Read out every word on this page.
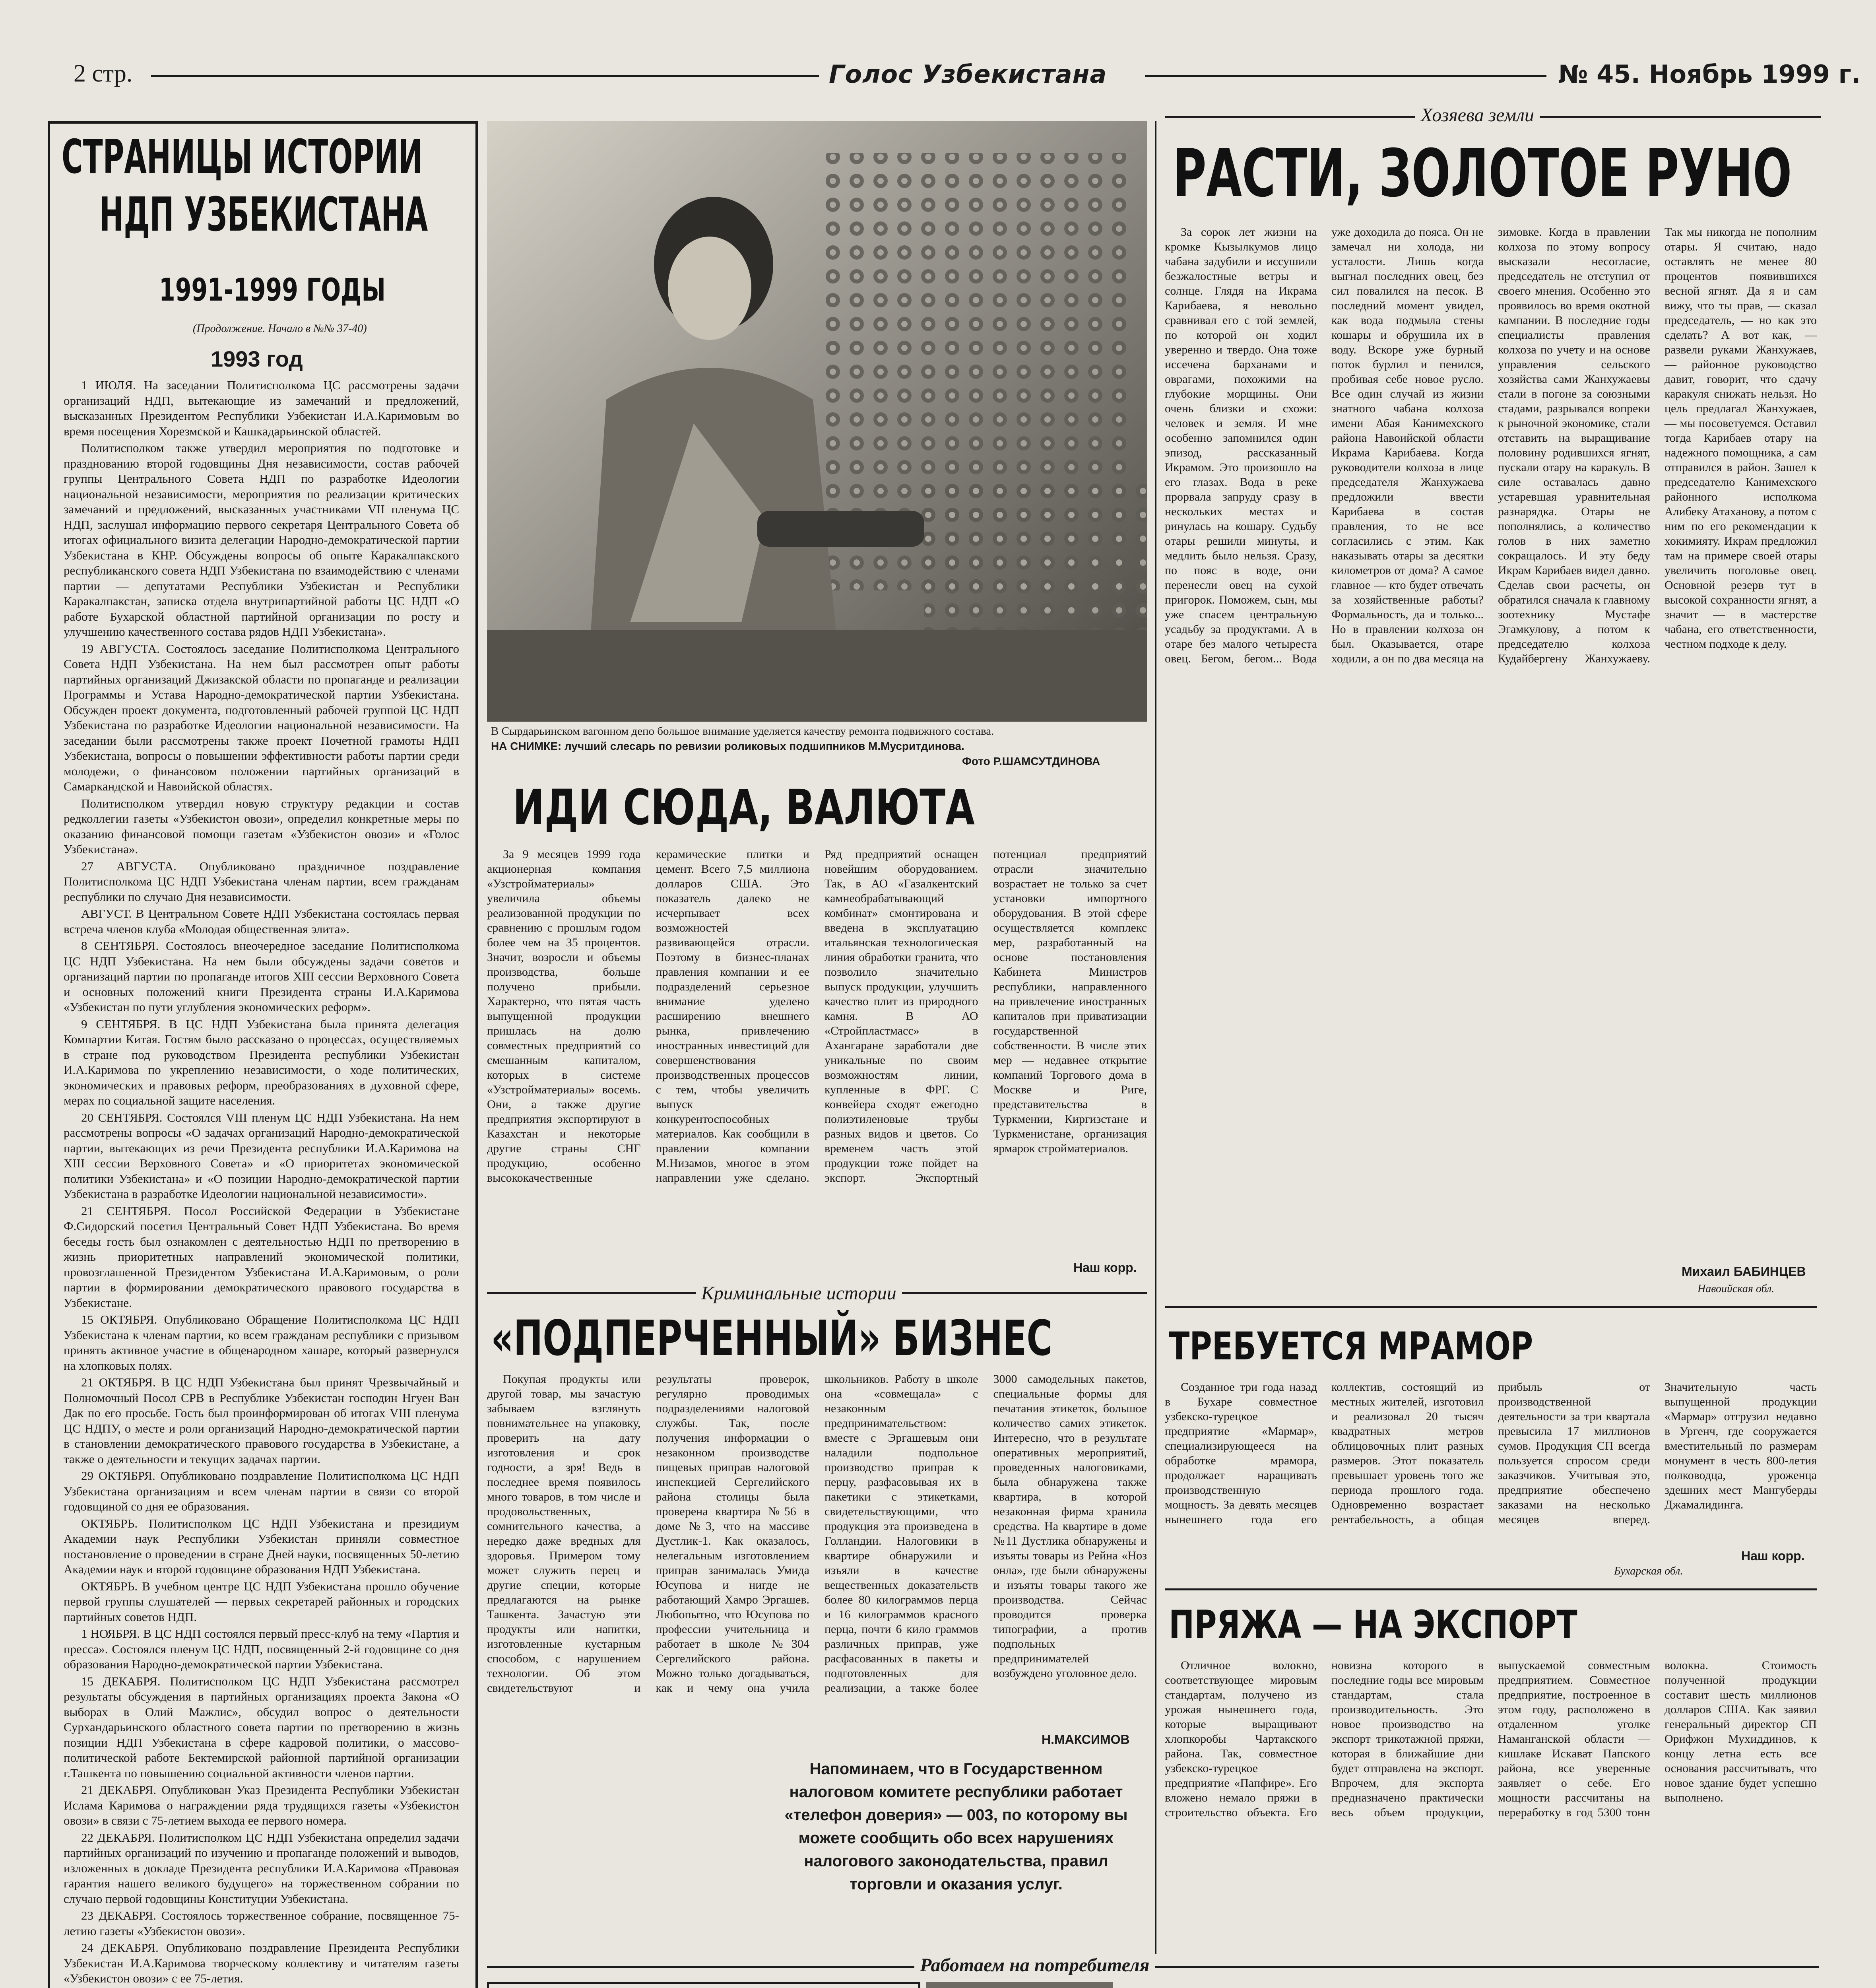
2 стр.	Голос Узбекистана	№ 45. Ноябрь 1999 г.
СТРАНИЦЫ ИСТОРИИ
НДП УЗБЕКИСТАНА
1991-1999 ГОДЫ
(Продолжение. Начало в №№ 37-40)
1993 год

1 ИЮЛЯ. На заседании Политисполкома ЦС рассмотрены задачи организаций НДП, вытекающие из замечаний и предложений, высказанных Президентом Республики Узбекистан И.А.Каримовым во время посещения Хорезмской и Кашкадарьинской областей.

Политисполком также утвердил мероприятия по подготовке и празднованию второй годовщины Дня независимости, состав рабочей группы Центрального Совета НДП по разработке Идеологии национальной независимости, мероприятия по реализации критических замечаний и предложений, высказанных участниками VII пленума ЦС НДП, заслушал информацию первого секретаря Центрального Совета об итогах официального визита делегации Народно-демократической партии Узбекистана в КНР. Обсуждены вопросы об опыте Каракалпакского республиканского совета НДП Узбекистана по взаимодействию с членами партии — депутатами Республики Узбекистан и Республики Каракалпакстан, записка отдела внутрипартийной работы ЦС НДП «О работе Бухарской областной партийной организации по росту и улучшению качественного состава рядов НДП Узбекистана».

19 АВГУСТА. Состоялось заседание Политисполкома Центрального Совета НДП Узбекистана. На нем был рассмотрен опыт работы партийных организаций Джизакской области по пропаганде и реализации Программы и Устава Народно-демократической партии Узбекистана. Обсужден проект документа, подготовленный рабочей группой ЦС НДП Узбекистана по разработке Идеологии национальной независимости. На заседании были рассмотрены также проект Почетной грамоты НДП Узбекистана, вопросы о повышении эффективности работы партии среди молодежи, о финансовом положении партийных организаций в Самаркандской и Навоийской областях.

Политисполком утвердил новую структуру редакции и состав редколлегии газеты «Узбекистон овози», определил конкретные меры по оказанию финансовой помощи газетам «Узбекистон овози» и «Голос Узбекистана».

27 АВГУСТА. Опубликовано праздничное поздравление Политисполкома ЦС НДП Узбекистана членам партии, всем гражданам республики по случаю Дня независимости.

АВГУСТ. В Центральном Совете НДП Узбекистана состоялась первая встреча членов клуба «Молодая общественная элита».

8 СЕНТЯБРЯ. Состоялось внеочередное заседание Политисполкома ЦС НДП Узбекистана. На нем были обсуждены задачи советов и организаций партии по пропаганде итогов XIII сессии Верховного Совета и основных положений книги Президента страны И.А.Каримова «Узбекистан по пути углубления экономических реформ».

9 СЕНТЯБРЯ. В ЦС НДП Узбекистана была принята делегация Компартии Китая. Гостям было рассказано о процессах, осуществляемых в стране под руководством Президента республики Узбекистан И.А.Каримова по укреплению независимости, о ходе политических, экономических и правовых реформ, преобразованиях в духовной сфере, мерах по социальной защите населения.

20 СЕНТЯБРЯ. Состоялся VIII пленум ЦС НДП Узбекистана. На нем рассмотрены вопросы «О задачах организаций Народно-демократической партии, вытекающих из речи Президента республики И.А.Каримова на XIII сессии Верховного Совета» и «О приоритетах экономической политики Узбекистана» и «О позиции Народно-демократической партии Узбекистана в разработке Идеологии национальной независимости».

21 СЕНТЯБРЯ. Посол Российской Федерации в Узбекистане Ф.Сидорский посетил Центральный Совет НДП Узбекистана. Во время беседы гость был ознакомлен с деятельностью НДП по претворению в жизнь приоритетных направлений экономической политики, провозглашенной Президентом Узбекистана И.А.Каримовым, о роли партии в формировании демократического правового государства в Узбекистане.

15 ОКТЯБРЯ. Опубликовано Обращение Политисполкома ЦС НДП Узбекистана к членам партии, ко всем гражданам республики с призывом принять активное участие в общенародном хашаре, который развернулся на хлопковых полях.

21 ОКТЯБРЯ. В ЦС НДП Узбекистана был принят Чрезвычайный и Полномочный Посол СРВ в Республике Узбекистан господин Нгуен Ван Дак по его просьбе. Гость был проинформирован об итогах VIII пленума ЦС НДПУ, о месте и роли организаций Народно-демократической партии в становлении демократического правового государства в Узбекистане, а также о деятельности и текущих задачах партии.

29 ОКТЯБРЯ. Опубликовано поздравление Политисполкома ЦС НДП Узбекистана организациям и всем членам партии в связи со второй годовщиной со дня ее образования.

ОКТЯБРЬ. Политисполком ЦС НДП Узбекистана и президиум Академии наук Республики Узбекистан приняли совместное постановление о проведении в стране Дней науки, посвященных 50-летию Академии наук и второй годовщине образования НДП Узбекистана.

ОКТЯБРЬ. В учебном центре ЦС НДП Узбекистана прошло обучение первой группы слушателей — первых секретарей районных и городских партийных советов НДП.

1 НОЯБРЯ. В ЦС НДП состоялся первый пресс-клуб на тему «Партия и пресса». Состоялся пленум ЦС НДП, посвященный 2-й годовщине со дня образования Народно-демократической партии Узбекистана.

15 ДЕКАБРЯ. Политисполком ЦС НДП Узбекистана рассмотрел результаты обсуждения в партийных организациях проекта Закона «О выборах в Олий Мажлис», обсудил вопрос о деятельности Сурхандарьинского областного совета партии по претворению в жизнь позиции НДП Узбекистана в сфере кадровой политики, о массово-политической работе Бектемирской районной партийной организации г.Ташкента по повышению социальной активности членов партии.

21 ДЕКАБРЯ. Опубликован Указ Президента Республики Узбекистан Ислама Каримова о награждении ряда трудящихся газеты «Узбекистон овози» в связи с 75-летием выхода ее первого номера.

22 ДЕКАБРЯ. Политисполком ЦС НДП Узбекистана определил задачи партийных организаций по изучению и пропаганде положений и выводов, изложенных в докладе Президента республики И.А.Каримова «Правовая гарантия нашего великого будущего» на торжественном собрании по случаю первой годовщины Конституции Узбекистана.

23 ДЕКАБРЯ. Состоялось торжественное собрание, посвященное 75-летию газеты «Узбекистон овози».

24 ДЕКАБРЯ. Опубликовано поздравление Президента Республики Узбекистан И.А.Каримова творческому коллективу и читателям газеты «Узбекистон овози» с ее 75-летия.

В Сырдарьинском вагонном депо большое внимание уделяется качеству ремонта подвижного состава.
НА СНИМКЕ: лучший слесарь по ревизии роликовых подшипников М.Мусритдинова.
Фото Р.ШАМСУТДИНОВА
ИДИ СЮДА, ВАЛЮТА
За 9 месяцев 1999 года акционерная компания «Узстройматериалы» увеличила объемы реализованной продукции по сравнению с прошлым годом более чем на 35 процентов. Значит, возросли и объемы производства, больше получено прибыли. Характерно, что пятая часть выпущенной продукции пришлась на долю совместных предприятий со смешанным капиталом, которых в системе «Узстройматериалы» восемь. Они, а также другие предприятия экспортируют в Казахстан и некоторые другие страны СНГ продукцию, особенно высококачественные керамические плитки и цемент. Всего 7,5 миллиона долларов США. Это показатель далеко не исчерпывает всех возможностей развивающейся отрасли. Поэтому в бизнес-планах правления компании и ее подразделений серьезное внимание уделено расширению внешнего рынка, привлечению иностранных инвестиций для совершенствования производственных процессов с тем, чтобы увеличить выпуск конкурентоспособных материалов. Как сообщили в правлении компании М.Низамов, многое в этом направлении уже сделано. Ряд предприятий оснащен новейшим оборудованием. Так, в АО «Газалкентский камнеобрабатывающий комбинат» смонтирована и введена в эксплуатацию итальянская технологическая линия обработки гранита, что позволило значительно выпуск продукции, улучшить качество плит из природного камня. В АО «Стройпластмасс» в Ахангаране заработали две уникальные по своим возможностям линии, купленные в ФРГ. С конвейера сходят ежегодно полиэтиленовые трубы разных видов и цветов. Со временем часть этой продукции тоже пойдет на экспорт. Экспортный потенциал предприятий отрасли значительно возрастает не только за счет установки импортного оборудования. В этой сфере осуществляется комплекс мер, разработанный на основе постановления Кабинета Министров республики, направленного на привлечение иностранных капиталов при приватизации государственной собственности. В числе этих мер — недавнее открытие компаний Торгового дома в Москве и Риге, представительства в Туркмении, Киргизстане и Туркменистане, организация ярмарок стройматериалов.
Наш корр.
Криминальные истории
«ПОДПЕРЧЕННЫЙ» БИЗНЕС
Покупая продукты или другой товар, мы зачастую забываем взглянуть повнимательнее на упаковку, проверить на дату изготовления и срок годности, а зря! Ведь в последнее время появилось много товаров, в том числе и продовольственных, сомнительного качества, а нередко даже вредных для здоровья. Примером тому может служить перец и другие специи, которые предлагаются на рынке Ташкента. Зачастую эти продукты или напитки, изготовленные кустарным способом, с нарушением технологии. Об этом свидетельствуют и результаты проверок, регулярно проводимых подразделениями налоговой службы. Так, после получения информации о незаконном производстве пищевых приправ налоговой инспекцией Сергелийского района столицы была проверена квартира №56 в доме №3, что на массиве Дустлик-1. Как оказалось, нелегальным изготовлением приправ занималась Умида Юсупова и нигде не работающий Хамро Эргашев. Любопытно, что Юсупова по профессии учительница и работает в школе №304 Сергелийского района. Можно только догадываться, как и чему она учила школьников. Работу в школе она «совмещала» с незаконным предпринимательством: вместе с Эргашевым они наладили подпольное производство приправ к перцу, разфасовывая их в пакетики с этикетками, свидетельствующими, что продукция эта произведена в Голландии. Налоговики в квартире обнаружили и изъяли в качестве вещественных доказательств более 80 килограммов перца и 16 килограммов красного перца, почти 6 кило граммов различных приправ, уже расфасованных в пакеты и подготовленных для реализации, а также более 3000 самодельных пакетов, специальные формы для печатания этикеток, большое количество самих этикеток. Интересно, что в результате оперативных мероприятий, проведенных налоговиками, была обнаружена также квартира, в которой незаконная фирма хранила средства. На квартире в доме №11 Дустлика обнаружены и изъяты товары из Рейна «Ноз онла», где были обнаружены и изъяты товары такого же производства. Сейчас проводится проверка типографии, а против подпольных предпринимателей возбуждено уголовное дело.
Н.МАКСИМОВ
Напоминаем, что в Государственном налоговом комитете республики работает «телефон доверия» — 003, по которому вы можете сообщить обо всех нарушениях налогового законодательства, правил торговли и оказания услуг.
Хозяева земли
РАСТИ, ЗОЛОТОЕ РУНО
За сорок лет жизни на кромке Кызылкумов лицо чабана задубили и иссушили безжалостные ветры и солнце. Глядя на Икрама Карибаева, я невольно сравнивал его с той землей, по которой он ходил уверенно и твердо. Она тоже иссечена барханами и оврагами, похожими на глубокие морщины. Они очень близки и схожи: человек и земля. И мне особенно запомнился один эпизод, рассказанный Икрамом. Это произошло на его глазах. Вода в реке прорвала запруду сразу в нескольких местах и ринулась на кошару. Судьбу отары решили минуты, и медлить было нельзя. Сразу, по пояс в воде, они перенесли овец на сухой пригорок. Поможем, сын, мы уже спасем центральную усадьбу за продуктами. А в отаре без малого четыреста овец. Бегом, бегом... Вода уже доходила до пояса. Он не замечал ни холода, ни усталости. Лишь когда выгнал последних овец, без сил повалился на песок. В последний момент увидел, как вода подмыла стены кошары и обрушила их в воду. Вскоре уже бурный поток бурлил и пенился, пробивая себе новое русло. Все один случай из жизни знатного чабана колхоза имени Абая Канимехского района Навоийской области Икрама Карибаева. Когда руководители колхоза в лице председателя Жанхужаева предложили ввести Карибаева в состав правления, то не все согласились с этим. Как наказывать отары за десятки километров от дома? А самое главное — кто будет отвечать за хозяйственные работы? Формальность, да и только... Но в правлении колхоза он был. Оказывается, отаре ходили, а он по два месяца на зимовке. Когда в правлении колхоза по этому вопросу высказали несогласие, председатель не отступил от своего мнения. Особенно это проявилось во время окотной кампании. В последние годы специалисты правления колхоза по учету и на основе управления сельского хозяйства сами Жанхужаевы стали в погоне за союзными стадами, разрывался вопреки к рыночной экономике, стали отставить на выращивание половину родившихся ягнят, пускали отару на каракуль. В силе оставалась давно устаревшая уравнительная разнарядка. Отары не пополнялись, а количество голов в них заметно сокращалось. И эту беду Икрам Карибаев видел давно. Сделав свои расчеты, он обратился сначала к главному зоотехнику Мустафе Эгамкулову, а потом к председателю колхоза Кудайбергену Жанхужаеву. Так мы никогда не пополним отары. Я считаю, надо оставлять не менее 80 процентов появившихся весной ягнят. Да я и сам вижу, что ты прав, — сказал председатель, — но как это сделать? А вот как, — развели руками Жанхужаев, — районное руководство давит, говорит, что сдачу каракуля снижать нельзя. Но цель предлагал Жанхужаев, — мы посоветуемся. Оставил тогда Карибаев отару на надежного помощника, а сам отправился в район. Зашел к председателю Канимехского районного исполкома Алибеку Атаханову, а потом с ним по его рекомендации к хокимияту. Икрам предложил там на примере своей отары увеличить поголовье овец. Основной резерв тут в высокой сохранности ягнят, а значит — в мастерстве чабана, его ответственности, честном подходе к делу.
Михаил БАБИНЦЕВ
Навоийская обл.
ТРЕБУЕТСЯ МРАМОР
Созданное три года назад в Бухаре совместное узбекско-турецкое предприятие «Мармар», специализирующееся на обработке мрамора, продолжает наращивать производственную мощность. За девять месяцев нынешнего года его коллектив, состоящий из местных жителей, изготовил и реализовал 20 тысяч квадратных метров облицовочных плит разных размеров. Этот показатель превышает уровень того же периода прошлого года. Одновременно возрастает рентабельность, а общая прибыль от производственной деятельности за три квартала превысила 17 миллионов сумов. Продукция СП всегда пользуется спросом среди заказчиков. Учитывая это, предприятие обеспечено заказами на несколько месяцев вперед. Значительную часть выпущенной продукции «Мармар» отгрузил недавно в Ургенч, где сооружается вместительный по размерам монумент в честь 800-летия полководца, уроженца здешних мест Мангуберды Джамалидинга.
Наш корр.
Бухарская обл.
ПРЯЖА — НА ЭКСПОРТ
Отличное волокно, соответствующее мировым стандартам, получено из урожая нынешнего года, которые выращивают хлопкоробы Чартакского района. Так, совместное узбекско-турецкое предприятие «Папфире». Его вложено немало пряжи в строительство объекта. Его новизна которого в последние годы все мировым стандартам, стала производительность. Это новое производство на экспорт трикотажной пряжи, которая в ближайшие дни будет отправлена на экспорт. Впрочем, для экспорта предназначено практически весь объем продукции, выпускаемой совместным предприятием. Совместное предприятие, построенное в этом году, расположено в отдаленном уголке Наманганской области — кишлаке Искават Папского района, все уверенные заявляет о себе. Его мощности рассчитаны на переработку в год 5300 тонн волокна. Стоимость полученной продукции составит шесть миллионов долларов США. Как заявил генеральный директор СП Орифжон Мухиддинов, к концу летна есть все основания рассчитывать, что новое здание будет успешно выполнено.
Работаем на потребителя
